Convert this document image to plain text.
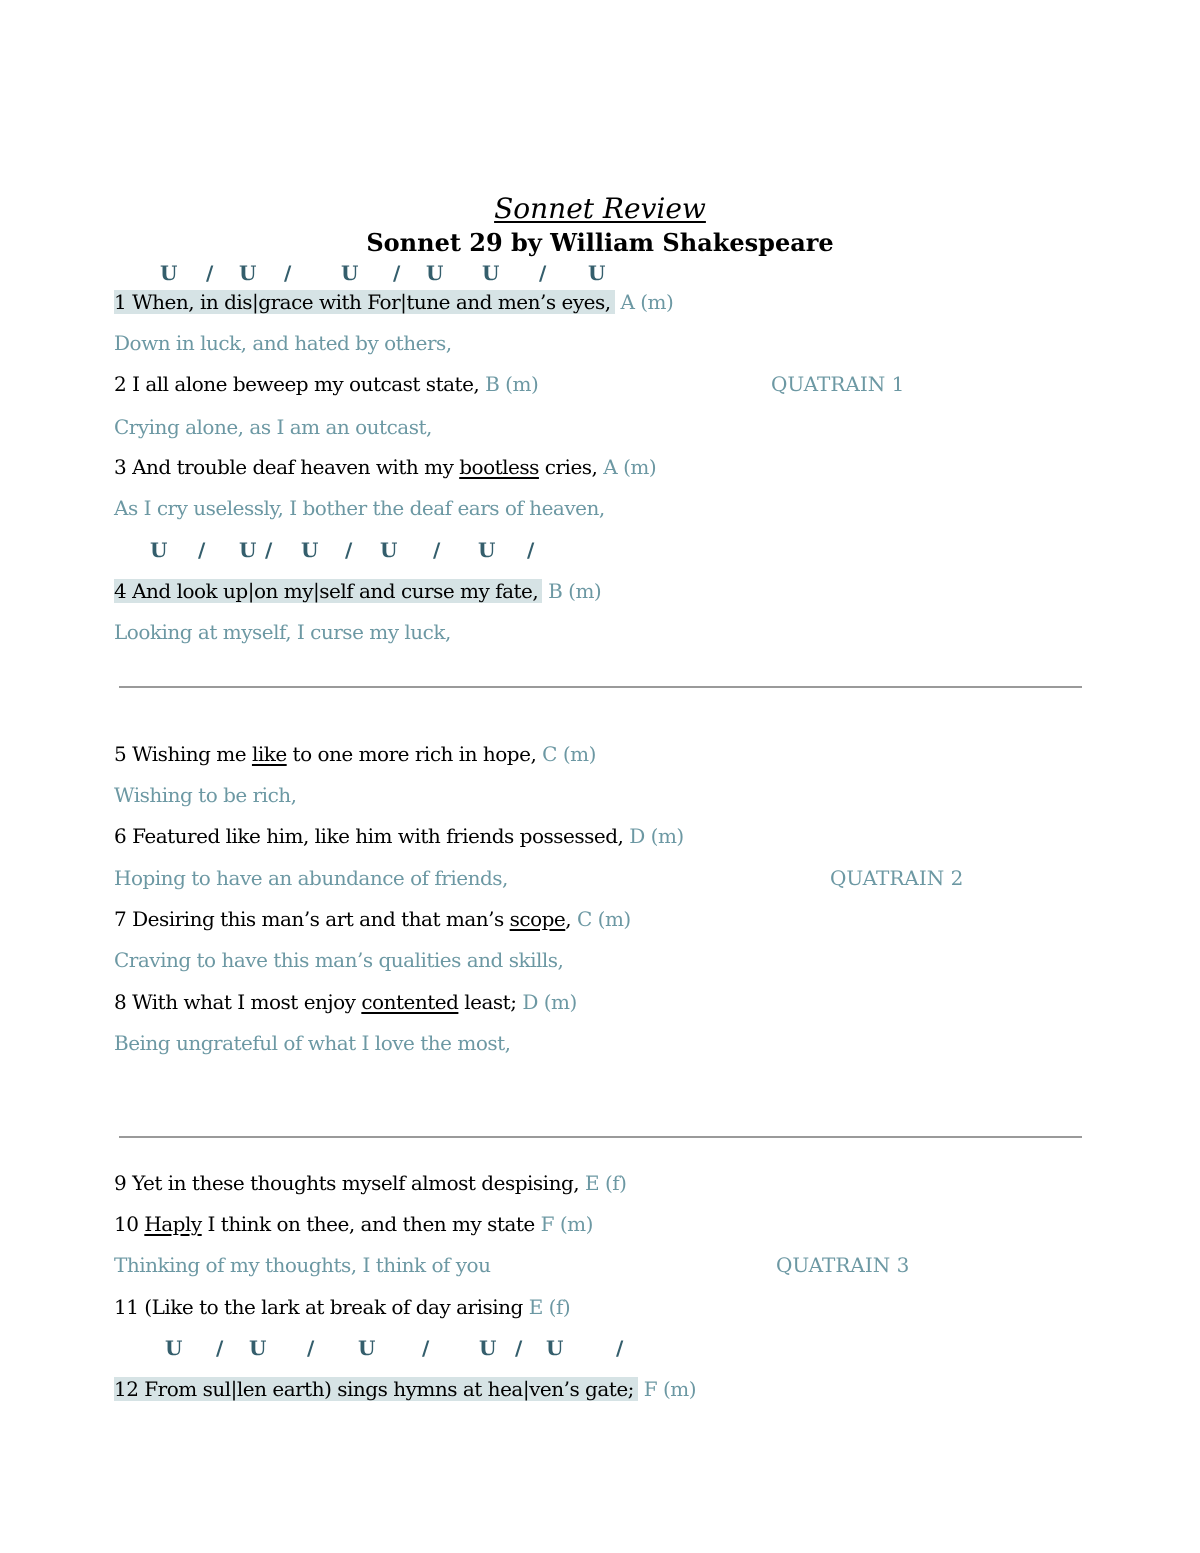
Sonnet Review
Sonnet 29 by William Shakespeare
U / U / U / U U / U
1 When, in dis|grace with For|tune and men’s eyes, A (m)
Down in luck, and hated by others,
2 I all alone beweep my outcast state, B (m)	QUATRAIN 1
Crying alone, as I am an outcast,
3 And trouble deaf heaven with my bootless cries, A (m)
As I cry uselessly, I bother the deaf ears of heaven,
U / U / U / U / U /
4 And look up|on my|self and curse my fate, B (m)
Looking at myself, I curse my luck,
5 Wishing me like to one more rich in hope, C (m)
Wishing to be rich,
6 Featured like him, like him with friends possessed, D (m)
Hoping to have an abundance of friends,	QUATRAIN 2
7 Desiring this man’s art and that man’s scope, C (m)
Craving to have this man’s qualities and skills,
8 With what I most enjoy contented least; D (m)
Being ungrateful of what I love the most,
9 Yet in these thoughts myself almost despising, E (f)
10 Haply I think on thee, and then my state F (m)
Thinking of my thoughts, I think of you	QUATRAIN 3
11 (Like to the lark at break of day arising E (f)
U / U / U / U / U	/
12 From sul|len earth) sings hymns at hea|ven’s gate; F (m)
